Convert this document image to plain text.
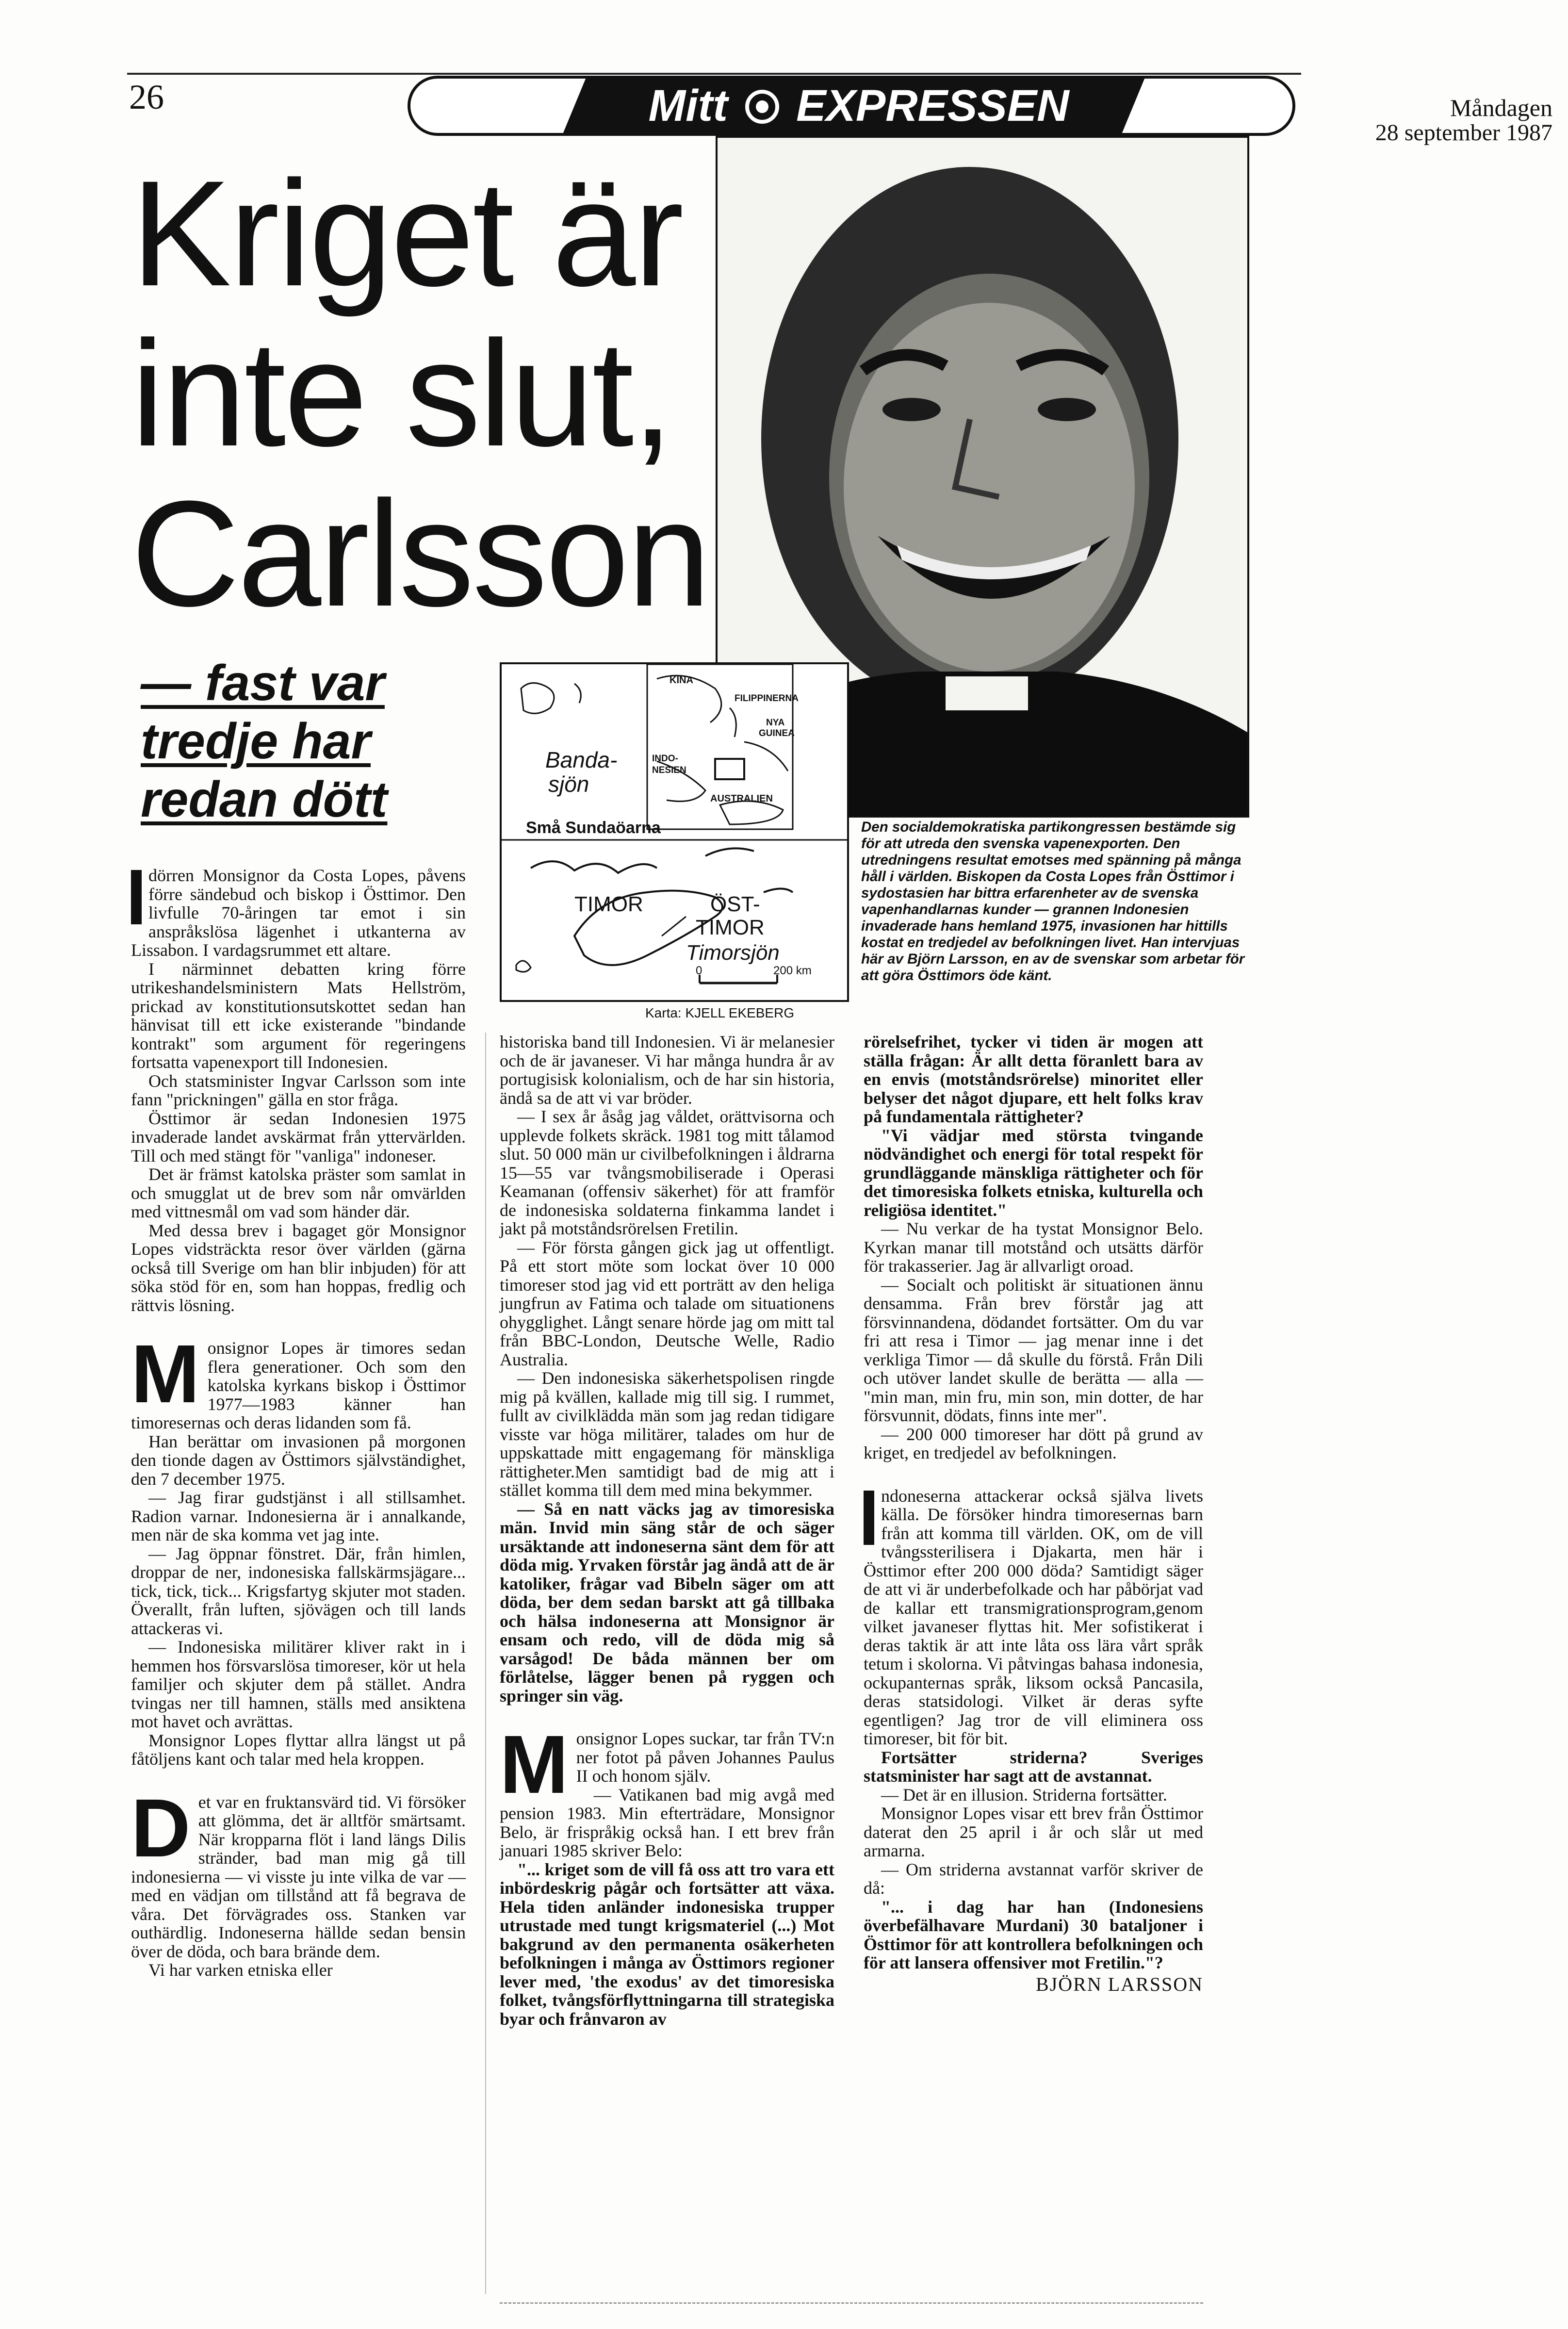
26	Mitt EXPRESSEN	Måndagen
28 september 1987
Kriget är
inte slut,
Carlsson
— fast var
tredje har
redan dött
KINA
FILIPPINERNA
NYA
GUINEA
INDO-
NESIEN
AUSTRALIEN
Banda-
sjön
Små Sundaöarna
TIMOR	ÖST-
TIMOR
Timorsjön
0	200 km
Karta: KJELL EKEBERG
Den socialdemokratiska partikongressen bestämde sig för att utreda den svenska vapenexporten. Den utredningens resultat emotses med spänning på många håll i världen. Biskopen da Costa Lopes från Östtimor i sydostasien har bittra erfarenheter av de svenska vapenhandlarnas kunder — grannen Indonesien invaderade hans hemland 1975, invasionen har hittills kostat en tredjedel av befolkningen livet. Han intervjuas här av Björn Larsson, en av de svenskar som arbetar för att göra Östtimors öde känt.

dörren Monsignor da Costa Lopes, påvens förre sändebud och biskop i Östtimor. Den livfulle 70-åringen tar emot i sin anspråkslösa lägenhet i utkanterna av Lissabon. I vardagsrummet ett altare.

I närminnet debatten kring förre utrikeshandelsministern Mats Hellström, prickad av konstitutionsutskottet sedan han hänvisat till ett icke existerande "bindande kontrakt" som argument för regeringens fortsatta vapenexport till Indonesien.

Och statsminister Ingvar Carlsson som inte fann "prickningen" gälla en stor fråga.

Östtimor är sedan Indonesien 1975 invaderade landet avskärmat från yttervärlden. Till och med stängt för "vanliga" indoneser.

Det är främst katolska präster som samlat in och smugglat ut de brev som når omvärlden med vittnesmål om vad som händer där.

Med dessa brev i bagaget gör Monsignor Lopes vidsträckta resor över världen (gärna också till Sverige om han blir inbjuden) för att söka stöd för en, som han hoppas, fredlig och rättvis lösning.

Monsignor Lopes är timores sedan flera generationer. Och som den katolska kyrkans biskop i Östtimor 1977—1983 känner han timoresernas och deras lidanden som få.

Han berättar om invasionen på morgonen den tionde dagen av Östtimors självständighet, den 7 december 1975.

— Jag firar gudstjänst i all stillsamhet. Radion varnar. Indonesierna är i annalkande, men när de ska komma vet jag inte.

— Jag öppnar fönstret. Där, från himlen, droppar de ner, indonesiska fallskärmsjägare... tick, tick, tick... Krigsfartyg skjuter mot staden. Överallt, från luften, sjövägen och till lands attackeras vi.

— Indonesiska militärer kliver rakt in i hemmen hos försvarslösa timoreser, kör ut hela familjer och skjuter dem på stället. Andra tvingas ner till hamnen, ställs med ansiktena mot havet och avrättas.

Monsignor Lopes flyttar allra längst ut på fåtöljens kant och talar med hela kroppen.

Det var en fruktansvärd tid. Vi försöker att glömma, det är alltför smärtsamt. När kropparna flöt i land längs Dilis stränder, bad man mig gå till indonesierna — vi visste ju inte vilka de var — med en vädjan om tillstånd att få begrava de våra. Det förvägrades oss. Stanken var outhärdlig. Indoneserna hällde sedan bensin över de döda, och bara brände dem.

Vi har varken etniska eller

historiska band till Indonesien. Vi är melanesier och de är javaneser. Vi har många hundra år av portugisisk kolonialism, och de har sin historia, ändå sa de att vi var bröder.

— I sex år åsåg jag våldet, orättvisorna och upplevde folkets skräck. 1981 tog mitt tålamod slut. 50 000 män ur civilbefolkningen i åldrarna 15—55 var tvångsmobiliserade i Operasi Keamanan (offensiv säkerhet) för att framför de indonesiska soldaterna finkamma landet i jakt på motståndsrörelsen Fretilin.

— För första gången gick jag ut offentligt. På ett stort möte som lockat över 10 000 timoreser stod jag vid ett porträtt av den heliga jungfrun av Fatima och talade om situationens ohygglighet. Långt senare hörde jag om mitt tal från BBC-London, Deutsche Welle, Radio Australia.

— Den indonesiska säkerhetspolisen ringde mig på kvällen, kallade mig till sig. I rummet, fullt av civilklädda män som jag redan tidigare visste var höga militärer, talades om hur de uppskattade mitt engagemang för mänskliga rättigheter.Men samtidigt bad de mig att i stället komma till dem med mina bekymmer.

— Så en natt väcks jag av timoresiska män. Invid min säng står de och säger ursäktande att indoneserna sänt dem för att döda mig. Yrvaken förstår jag ändå att de är katoliker, frågar vad Bibeln säger om att döda, ber dem sedan barskt att gå tillbaka och hälsa indoneserna att Monsignor är ensam och redo, vill de döda mig så varsågod! De båda männen ber om förlåtelse, lägger benen på ryggen och springer sin väg.

Monsignor Lopes suckar, tar från TV:n ner fotot på påven Johannes Paulus II och honom själv.

— Vatikanen bad mig avgå med pension 1983. Min efterträdare, Monsignor Belo, är frispråkig också han. I ett brev från januari 1985 skriver Belo:

"... kriget som de vill få oss att tro vara ett inbördeskrig pågår och fortsätter att växa. Hela tiden anländer indonesiska trupper utrustade med tungt krigsmateriel (...) Mot bakgrund av den permanenta osäkerheten befolkningen i många av Östtimors regioner lever med, 'the exodus' av det timoresiska folket, tvångsförflyttningarna till strategiska byar och frånvaron av

rörelsefrihet, tycker vi tiden är mogen att ställa frågan: Är allt detta föranlett bara av en envis (motståndsrörelse) minoritet eller belyser det något djupare, ett helt folks krav på fundamentala rättigheter?

"Vi vädjar med största tvingande nödvändighet och energi för total respekt för grundläggande mänskliga rättigheter och för det timoresiska folkets etniska, kulturella och religiösa identitet."

— Nu verkar de ha tystat Monsignor Belo. Kyrkan manar till motstånd och utsätts därför för trakasserier. Jag är allvarligt oroad.

— Socialt och politiskt är situationen ännu densamma. Från brev förstår jag att försvinnandena, dödandet fortsätter. Om du var fri att resa i Timor — jag menar inne i det verkliga Timor — då skulle du förstå. Från Dili och utöver landet skulle de berätta — alla — "min man, min fru, min son, min dotter, de har försvunnit, dödats, finns inte mer".

— 200 000 timoreser har dött på grund av kriget, en tredjedel av befolkningen.

ndoneserna attackerar också själva livets källa. De försöker hindra timoresernas barn från att komma till världen. OK, om de vill tvångssterilisera i Djakarta, men här i Östtimor efter 200 000 döda? Samtidigt säger de att vi är underbefolkade och har påbörjat vad de kallar ett transmigrationsprogram,genom vilket javaneser flyttas hit. Mer sofistikerat i deras taktik är att inte låta oss lära vårt språk tetum i skolorna. Vi påtvingas bahasa indonesia, ockupanternas språk, liksom också Pancasila, deras statsidologi. Vilket är deras syfte egentligen? Jag tror de vill eliminera oss timoreser, bit för bit.

Fortsätter striderna? Sveriges statsminister har sagt att de avstannat.

— Det är en illusion. Striderna fortsätter.

Monsignor Lopes visar ett brev från Östtimor daterat den 25 april i år och slår ut med armarna.

— Om striderna avstannat varför skriver de då:

"... i dag har han (Indonesiens överbefälhavare Murdani) 30 bataljoner i Östtimor för att kontrollera befolkningen och för att lansera offensiver mot Fretilin."?

BJÖRN LARSSON
